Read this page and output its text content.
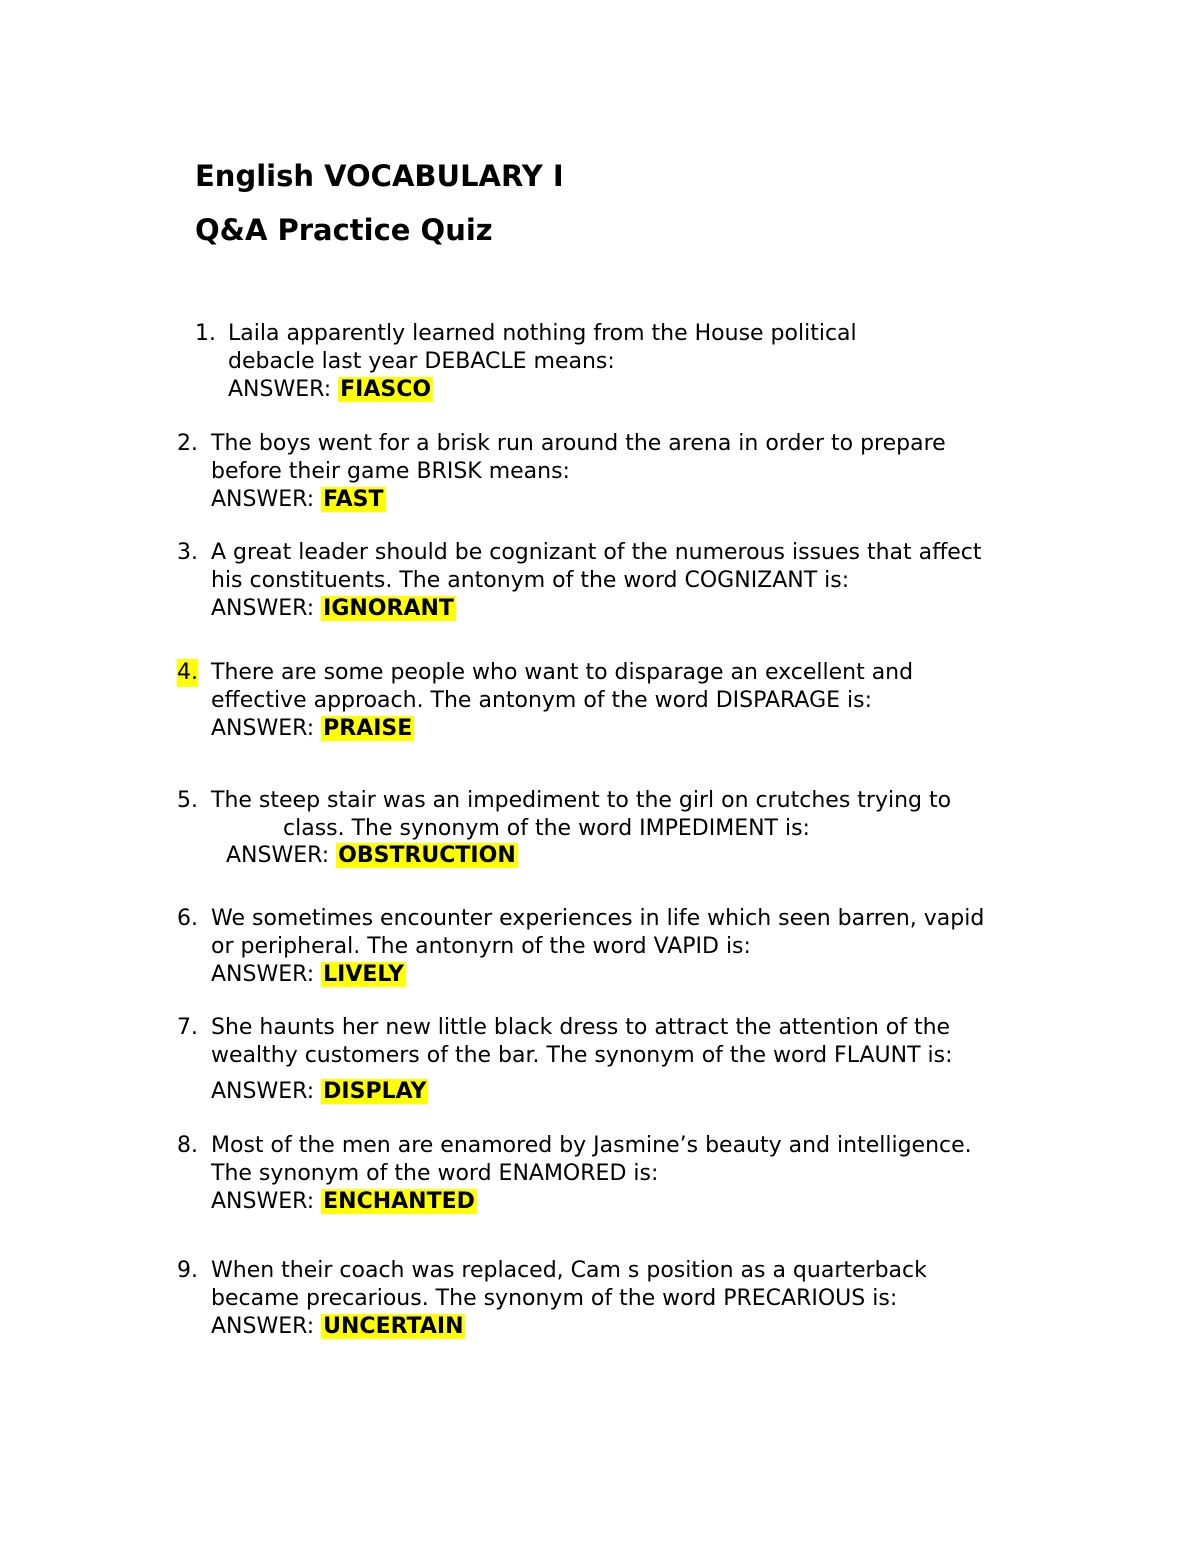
English VOCABULARY I
Q&A Practice Quiz
1. Laila apparently learned nothing from the House political
debacle last year DEBACLE means:
ANSWER: FIASCO
2. The boys went for a brisk run around the arena in order to prepare
before their game BRISK means:
ANSWER: FAST
3. A great leader should be cognizant of the numerous issues that affect
his constituents. The antonym of the word COGNIZANT is:
ANSWER: IGNORANT
4. There are some people who want to disparage an excellent and
effective approach. The antonym of the word DISPARAGE is:
ANSWER: PRAISE
5. The steep stair was an impediment to the girl on crutches trying to
class. The synonym of the word IMPEDIMENT is:
ANSWER: OBSTRUCTION
6. We sometimes encounter experiences in life which seen barren, vapid
or peripheral. The antonyrn of the word VAPID is:
ANSWER: LIVELY
7. She haunts her new little black dress to attract the attention of the
wealthy customers of the bar. The synonym of the word FLAUNT is:
ANSWER: DISPLAY
8. Most of the men are enamored by Jasmine’s beauty and intelligence.
The synonym of the word ENAMORED is:
ANSWER: ENCHANTED
9. When their coach was replaced, Cam s position as a quarterback
became precarious. The synonym of the word PRECARIOUS is:
ANSWER: UNCERTAIN
